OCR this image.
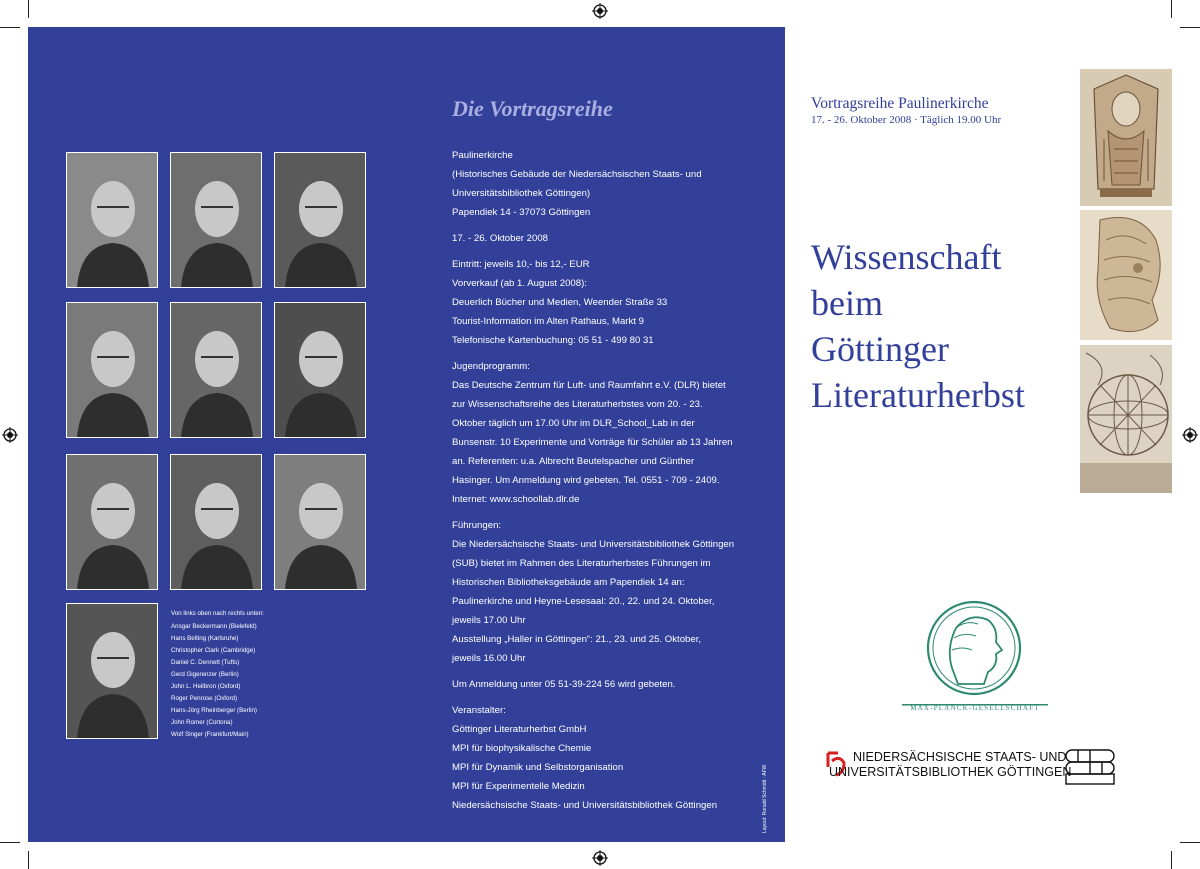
Von links oben nach rechts unten:
Ansgar Beckermann (Bielefeld)
Hans Belting (Karlsruhe)
Christopher Clark (Cambridge)
Daniel C. Dennett (Tufts)
Gerd Gigerenzer (Berlin)
John L. Heilbron (Oxford)
Roger Penrose (Oxford)
Hans-Jörg Rheinberger (Berlin)
John Romer (Cortona)
Wolf Singer (Frankfurt/Main)
Die Vortragsreihe

Paulinerkirche

(Historisches Gebäude der Niedersächsischen Staats- und

Universitätsbibliothek Göttingen)

Papendiek 14 - 37073 Göttingen

17. - 26. Oktober 2008

Eintritt: jeweils 10,- bis 12,- EUR

Vorverkauf (ab 1. August 2008):

Deuerlich Bücher und Medien, Weender Straße 33

Tourist-Information im Alten Rathaus, Markt 9

Telefonische Kartenbuchung: 05 51 - 499 80 31

Jugendprogramm:

Das Deutsche Zentrum für Luft- und Raumfahrt e.V. (DLR) bietet

zur Wissenschaftsreihe des Literaturherbstes vom 20. - 23.

Oktober täglich um 17.00 Uhr im DLR_School_Lab in der

Bunsenstr. 10 Experimente und Vorträge für Schüler ab 13 Jahren

an. Referenten: u.a. Albrecht Beutelspacher und Günther

Hasinger. Um Anmeldung wird gebeten. Tel. 0551 - 709 - 2409.

Internet: www.schoollab.dlr.de

Führungen:

Die Niedersächsische Staats- und Universitätsbibliothek Göttingen

(SUB) bietet im Rahmen des Literaturherbstes Führungen im

Historischen Bibliotheksgebäude am Papendiek 14 an:

Paulinerkirche und Heyne-Lesesaal: 20., 22. und 24. Oktober,

jeweils 17.00 Uhr

Ausstellung „Haller in Göttingen“: 21., 23. und 25. Oktober,

jeweils 16.00 Uhr

Um Anmeldung unter 05 51-39-224 56 wird gebeten.

Veranstalter:

Göttinger Literaturherbst GmbH

MPI für biophysikalische Chemie

MPI für Dynamik und Selbstorganisation

MPI für Experimentelle Medizin

Niedersächsische Staats- und Universitätsbibliothek Göttingen	Layout: Ronald Schmidt · AFW
Vortragsreihe Paulinerkirche
17. - 26. Oktober 2008 · Täglich 19.00 Uhr
Wissenschaft
beim
Göttinger
Literaturherbst
MAX-PLANCK-GESELLSCHAFT
NIEDERSÄCHSISCHE STAATS- UND
UNIVERSITÄTSBIBLIOTHEK GÖTTINGEN
